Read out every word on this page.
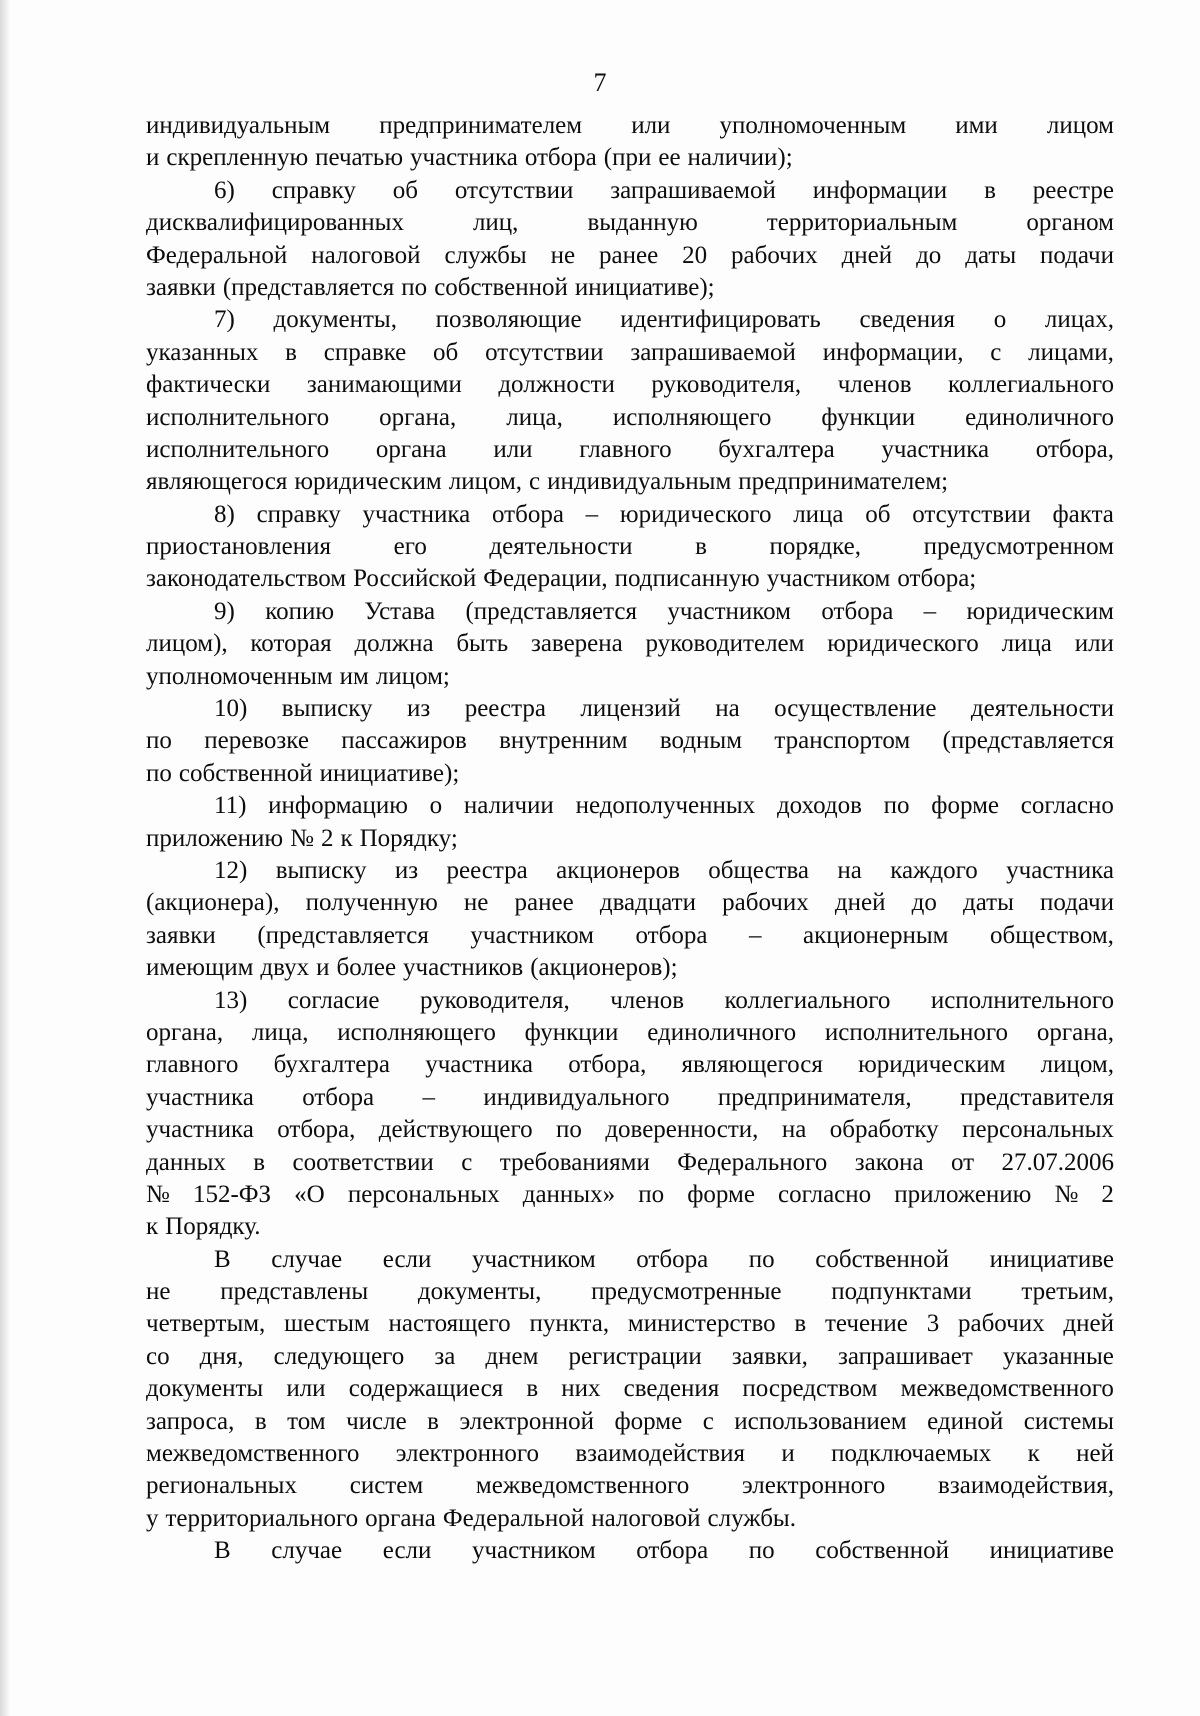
7
индивидуальным предпринимателем или уполномоченным ими лицом
и скрепленную печатью участника отбора (при ее наличии);
6) справку об отсутствии запрашиваемой информации в реестре
дисквалифицированных	лиц,	выданную	территориальным	органом
Федеральной налоговой службы не ранее 20 рабочих дней до даты подачи
заявки (представляется по собственной инициативе);
7) документы, позволяющие идентифицировать сведения о лицах,
указанных в справке об отсутствии запрашиваемой информации, с лицами,
фактически занимающими должности руководителя, членов коллегиального
исполнительного органа, лица, исполняющего функции единоличного
исполнительного органа или главного бухгалтера участника отбора,
являющегося юридическим лицом, с индивидуальным предпринимателем;
8) справку участника отбора – юридического лица об отсутствии факта
приостановления	его	деятельности	в	порядке,	предусмотренном
законодательством Российской Федерации, подписанную участником отбора;
9) копию Устава (представляется участником отбора – юридическим
лицом), которая должна быть заверена руководителем юридического лица или
уполномоченным им лицом;
10) выписку из реестра лицензий на осуществление деятельности
по перевозке пассажиров внутренним водным транспортом (представляется
по собственной инициативе);
11) информацию о наличии недополученных доходов по форме согласно
приложению № 2 к Порядку;
12) выписку из реестра акционеров общества на каждого участника
(акционера), полученную не ранее двадцати рабочих дней до даты подачи
заявки (представляется участником отбора – акционерным обществом,
имеющим двух и более участников (акционеров);
13) согласие руководителя, членов коллегиального исполнительного
органа, лица, исполняющего функции единоличного исполнительного органа,
главного бухгалтера участника отбора, являющегося юридическим лицом,
участника отбора – индивидуального предпринимателя, представителя
участника отбора, действующего по доверенности, на обработку персональных
данных в соответствии с требованиями Федерального закона от 27.07.2006
№ 152-ФЗ «О персональных данных» по форме согласно приложению № 2
к Порядку.
В случае если участником отбора по собственной инициативе
не представлены документы, предусмотренные подпунктами третьим,
четвертым, шестым настоящего пункта, министерство в течение 3 рабочих дней
со дня, следующего за днем регистрации заявки, запрашивает указанные
документы или содержащиеся в них сведения посредством межведомственного
запроса, в том числе в электронной форме с использованием единой системы
межведомственного электронного взаимодействия и подключаемых к ней
региональных систем межведомственного электронного взаимодействия,
у территориального органа Федеральной налоговой службы.
В случае если участником отбора по собственной инициативе
